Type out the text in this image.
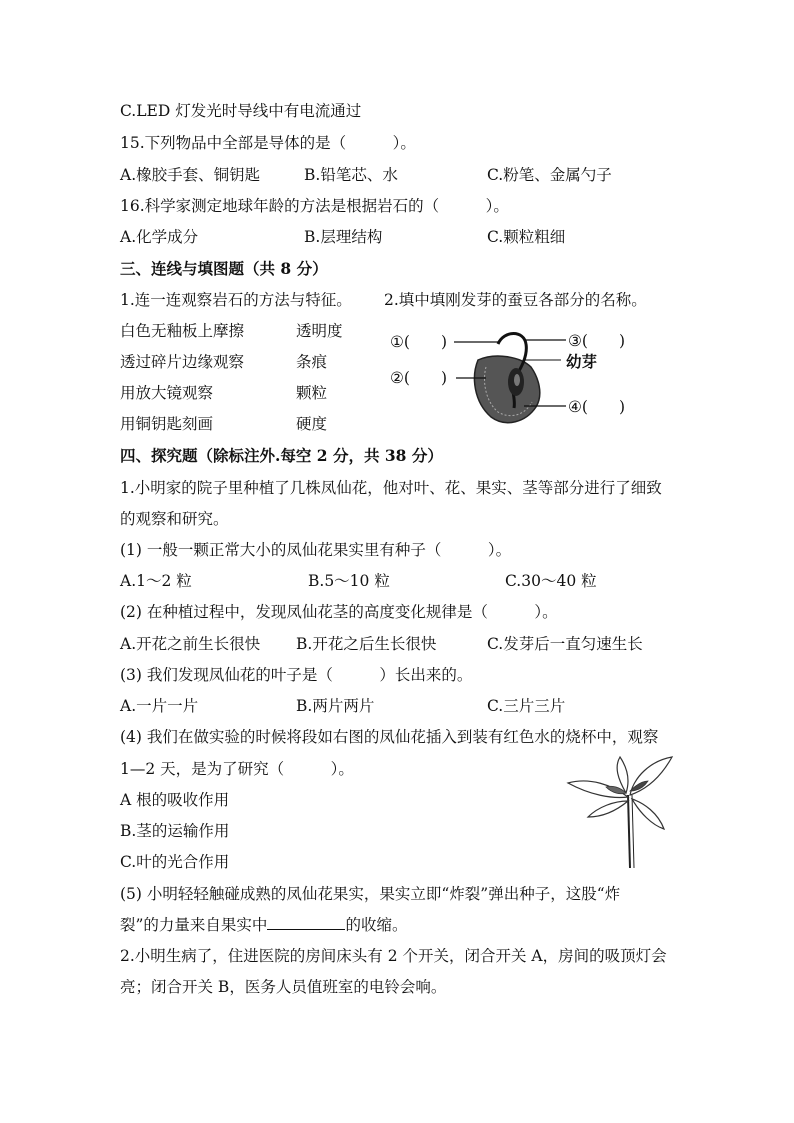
C.LED 灯发光时导线中有电流通过
15.下列物品中全部是导体的是（　　　）。
A.橡胶手套、铜钥匙	B.铅笔芯、水	C.粉笔、金属勺子
16.科学家测定地球年龄的方法是根据岩石的（　　　）。
A.化学成分	B.层理结构	C.颗粒粗细
三、连线与填图题（共 8 分）
1.连一连观察岩石的方法与特征。 2.填中填刚发芽的蚕豆各部分的名称。
白色无釉板上摩擦	透明度
透过碎片边缘观察	条痕
用放大镜观察	颗粒
用铜钥匙刻画	硬度
①(　　)	③(　　)
幼芽
②(　　)
④(　　)
四、探究题（除标注外.每空 2 分，共 38 分）
1.小明家的院子里种植了几株凤仙花，他对叶、花、果实、茎等部分进行了细致
的观察和研究。
(1) 一般一颗正常大小的凤仙花果实里有种子（　　　）。
A.1～2 粒	B.5～10 粒	C.30～40 粒
(2) 在种植过程中，发现凤仙花茎的高度变化规律是（　　　）。
A.开花之前生长很快 B.开花之后生长很快	C.发芽后一直匀速生长
(3) 我们发现凤仙花的叶子是（　　　）长出来的。
A.一片一片	B.两片两片	C.三片三片
(4) 我们在做实验的时候将段如右图的凤仙花插入到装有红色水的烧杯中，观察
1—2 天，是为了研究（　　　）。
A 根的吸收作用
B.茎的运输作用
C.叶的光合作用
(5) 小明轻轻触碰成熟的凤仙花果实，果实立即“炸裂”弹出种子，这股“炸
裂”的力量来自果实中	的收缩。
2.小明生病了，住进医院的房间床头有 2 个开关，闭合开关 A，房间的吸顶灯会
亮；闭合开关 B，医务人员值班室的电铃会响。
